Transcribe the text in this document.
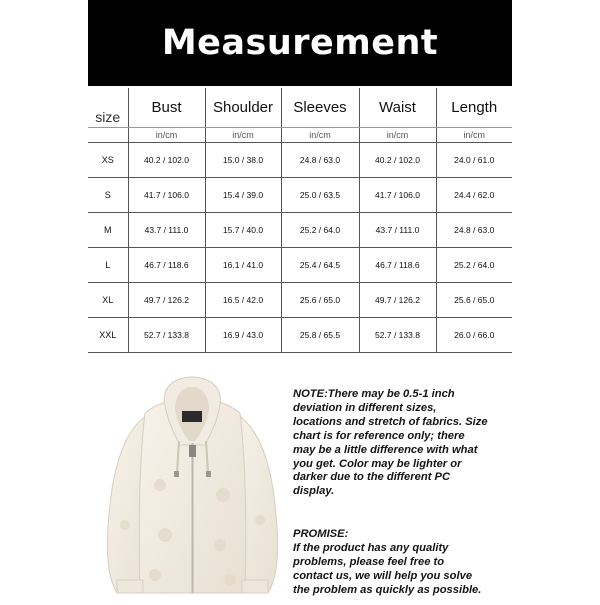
Measurement
size	Bust	Shoulder	Sleeves	Waist	Length
	in/cm	in/cm	in/cm	in/cm	in/cm
XS	40.2 / 102.0	15.0 / 38.0	24.8 / 63.0	40.2 / 102.0	24.0 / 61.0
S	41.7 / 106.0	15.4 / 39.0	25.0 / 63.5	41.7 / 106.0	24.4 / 62.0
M	43.7 / 111.0	15.7 / 40.0	25.2 / 64.0	43.7 / 111.0	24.8 / 63.0
L	46.7 / 118.6	16.1 / 41.0	25.4 / 64.5	46.7 / 118.6	25.2 / 64.0
XL	49.7 / 126.2	16.5 / 42.0	25.6 / 65.0	49.7 / 126.2	25.6 / 65.0
XXL	52.7 / 133.8	16.9 / 43.0	25.8 / 65.5	52.7 / 133.8	26.0 / 66.0

NOTE:There may be 0.5-1 inch

deviation in different sizes,

locations and stretch of fabrics. Size

chart is for reference only; there

may be a little difference with what

you get. Color may be lighter or

darker due to the different PC

display.

PROMISE:

If the product has any quality

problems, please feel free to

contact us, we will help you solve

the problem as quickly as possible.
